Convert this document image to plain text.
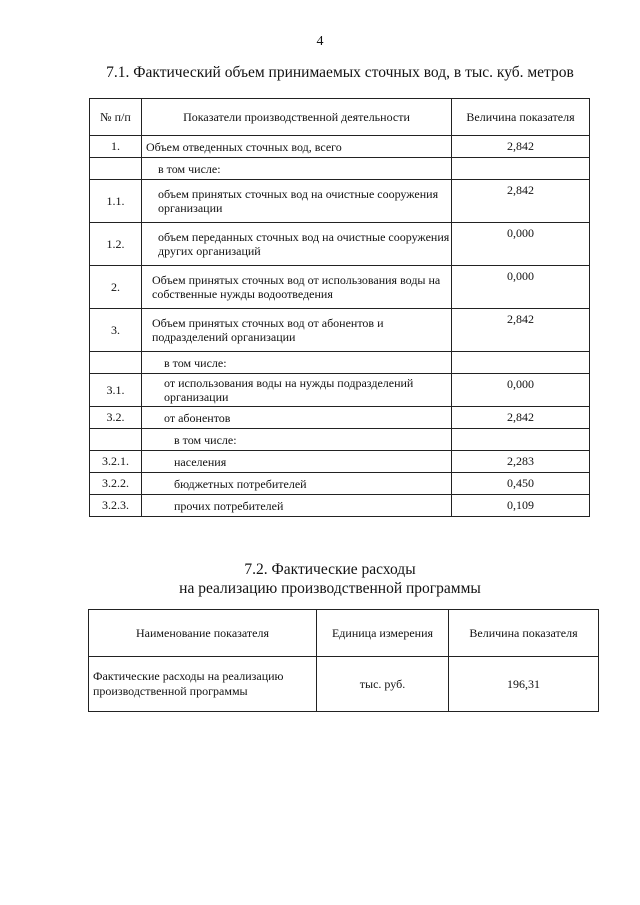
4
7.1. Фактический объем принимаемых сточных вод, в тыс. куб. метров
№ п/п	Показатели производственной деятельности	Величина показателя
1.	Объем отведенных сточных вод, всего	2,842
	в том числе:	
1.1.	объем принятых сточных вод на очистные сооружения организации	2,842
1.2.	объем переданных сточных вод на очистные сооружения других организаций	0,000
2.	Объем принятых сточных вод от использования воды на собственные нужды водоотведения	0,000
3.	Объем принятых сточных вод от абонентов и подразделений организации	2,842
	в том числе:	
3.1.	от использования воды на нужды подразделений организации	0,000
3.2.	от абонентов	2,842
	в том числе:	
3.2.1.	населения	2,283
3.2.2.	бюджетных потребителей	0,450
3.2.3.	прочих потребителей	0,109
7.2. Фактические расходы
на реализацию производственной программы
Наименование показателя	Единица измерения	Величина показателя
Фактические расходы на реализацию производственной программы	тыс. руб.	196,31
